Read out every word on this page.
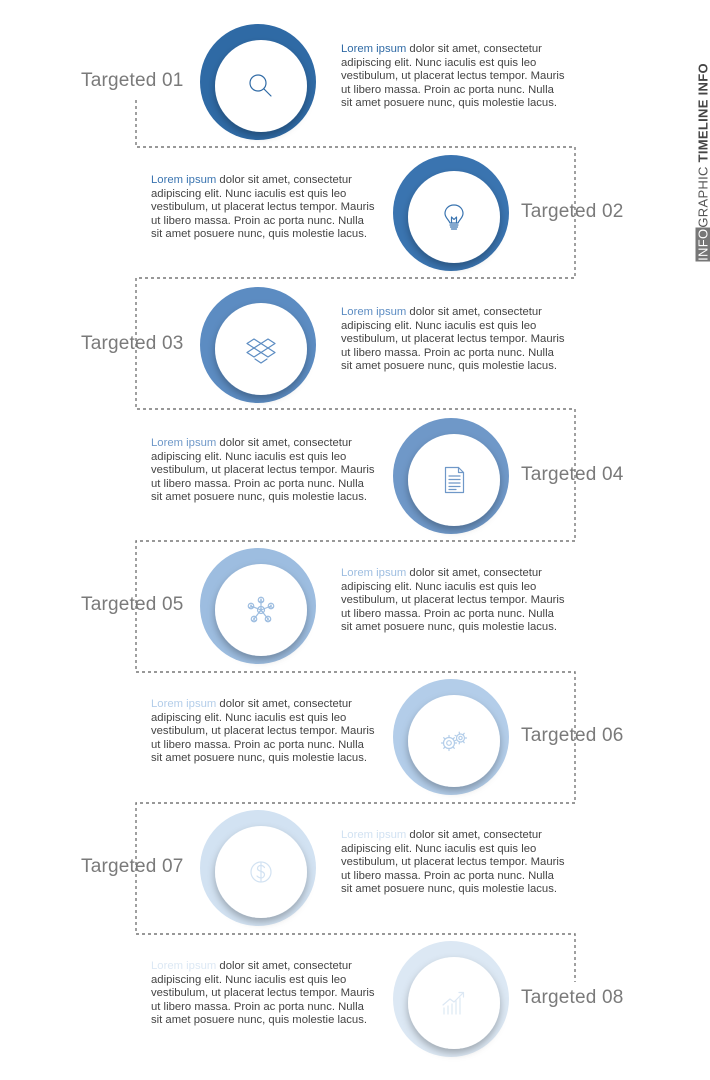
Targeted 01
Lorem ipsum dolor sit amet, consectetur adipiscing elit. Nunc iaculis est quis leo vestibulum, ut placerat lectus tempor. Mauris ut libero massa. Proin ac porta nunc. Nulla sit amet posuere nunc, quis molestie lacus.
Targeted 02
Lorem ipsum dolor sit amet, consectetur adipiscing elit. Nunc iaculis est quis leo vestibulum, ut placerat lectus tempor. Mauris ut libero massa. Proin ac porta nunc. Nulla sit amet posuere nunc, quis molestie lacus.
Targeted 03
Lorem ipsum dolor sit amet, consectetur adipiscing elit. Nunc iaculis est quis leo vestibulum, ut placerat lectus tempor. Mauris ut libero massa. Proin ac porta nunc. Nulla sit amet posuere nunc, quis molestie lacus.
Targeted 04
Lorem ipsum dolor sit amet, consectetur adipiscing elit. Nunc iaculis est quis leo vestibulum, ut placerat lectus tempor. Mauris ut libero massa. Proin ac porta nunc. Nulla sit amet posuere nunc, quis molestie lacus.
Targeted 05
Lorem ipsum dolor sit amet, consectetur adipiscing elit. Nunc iaculis est quis leo vestibulum, ut placerat lectus tempor. Mauris ut libero massa. Proin ac porta nunc. Nulla sit amet posuere nunc, quis molestie lacus.
Targeted 06
Lorem ipsum dolor sit amet, consectetur adipiscing elit. Nunc iaculis est quis leo vestibulum, ut placerat lectus tempor. Mauris ut libero massa. Proin ac porta nunc. Nulla sit amet posuere nunc, quis molestie lacus.
Targeted 07
Lorem ipsum dolor sit amet, consectetur adipiscing elit. Nunc iaculis est quis leo vestibulum, ut placerat lectus tempor. Mauris ut libero massa. Proin ac porta nunc. Nulla sit amet posuere nunc, quis molestie lacus.
Targeted 08
Lorem ipsum dolor sit amet, consectetur adipiscing elit. Nunc iaculis est quis leo vestibulum, ut placerat lectus tempor. Mauris ut libero massa. Proin ac porta nunc. Nulla sit amet posuere nunc, quis molestie lacus.
INFOGRAPHIC TIMELINE INFO
